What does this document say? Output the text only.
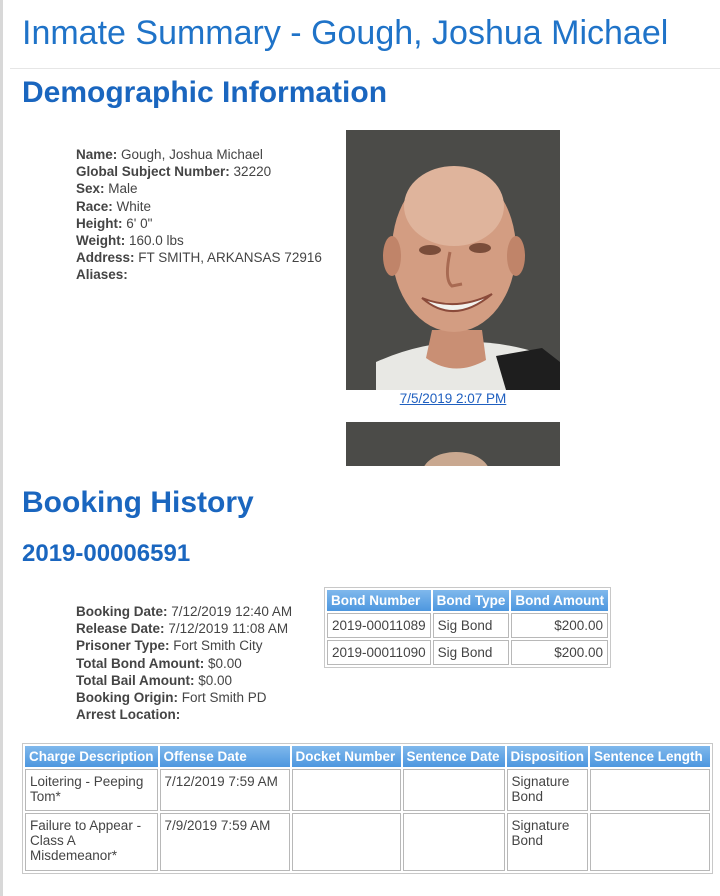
Inmate Summary - Gough, Joshua Michael
Demographic Information
Name: Gough, Joshua Michael
Global Subject Number: 32220
Sex: Male
Race: White
Height: 6' 0"
Weight: 160.0 lbs
Address: FT SMITH, ARKANSAS 72916
Aliases:
7/5/2019 2:07 PM
Booking History
2019-00006591
Booking Date: 7/12/2019 12:40 AM
Release Date: 7/12/2019 11:08 AM
Prisoner Type: Fort Smith City
Total Bond Amount: $0.00
Total Bail Amount: $0.00
Booking Origin: Fort Smith PD
Arrest Location:
Bond Number	Bond Type	Bond Amount
2019-00011089	Sig Bond	$200.00
2019-00011090	Sig Bond	$200.00
Charge Description	Offense Date	Docket Number	Sentence Date	Disposition	Sentence Length
Loitering - Peeping Tom*	7/12/2019 7:59 AM			Signature Bond	
Failure to Appear - Class A Misdemeanor*	7/9/2019 7:59 AM			Signature Bond	
